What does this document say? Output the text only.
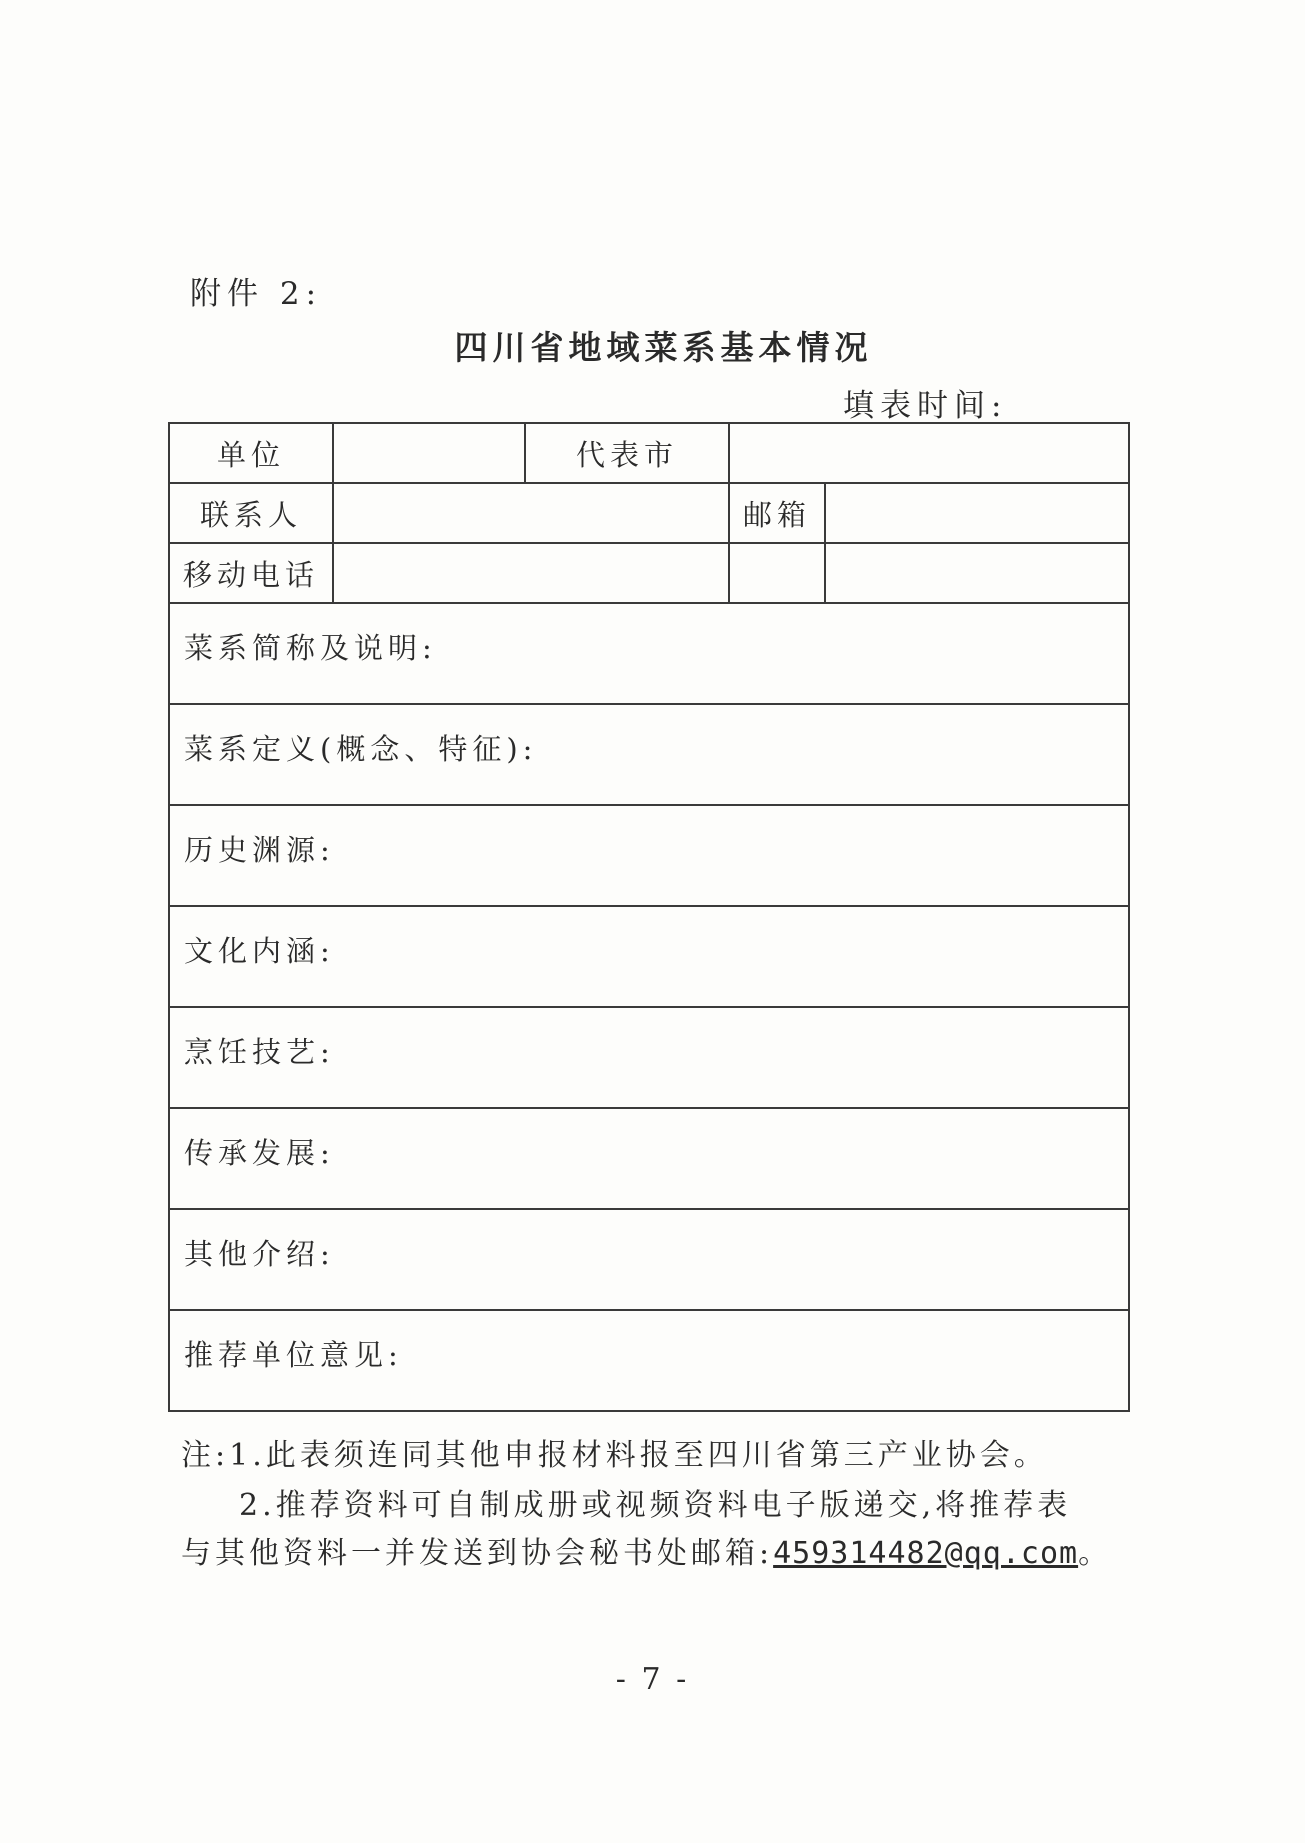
附件 2:
四川省地域菜系基本情况
填表时间:
单位		代表市		
联系人			邮箱	
移动电话				
菜系简称及说明:				
菜系定义(概念、特征):				
历史渊源:				
文化内涵:				
烹饪技艺:				
传承发展:				
其他介绍:				
推荐单位意见:				
注:1.此表须连同其他申报材料报至四川省第三产业协会。
2.推荐资料可自制成册或视频资料电子版递交,将推荐表
与其他资料一并发送到协会秘书处邮箱:459314482@qq.com。
- 7 -
